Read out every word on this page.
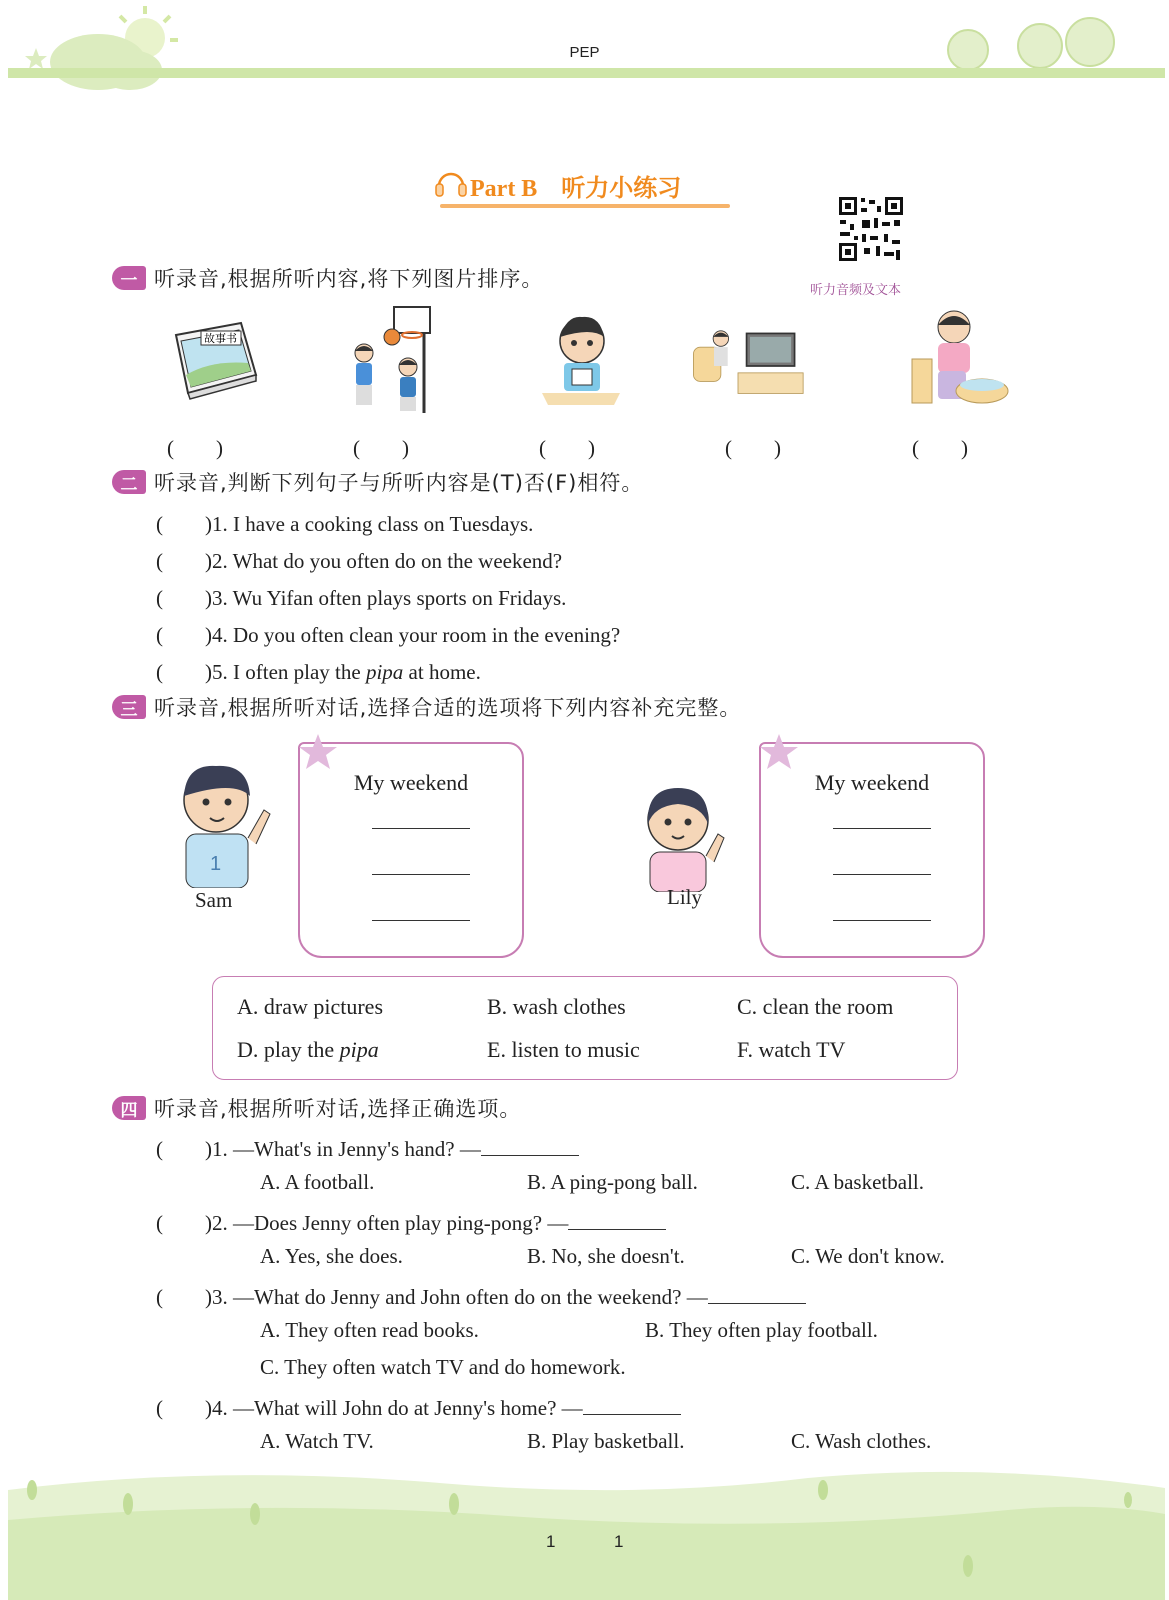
PEP
Part B　听力小练习
听力音频及文本
一 听录音,根据所听内容,将下列图片排序。
故事书
(　　)	(　　)	(　　)	(　　)	(　　)
二 听录音,判断下列句子与所听内容是(T)否(F)相符。
(　　)1. I have a cooking class on Tuesdays.
(　　)2. What do you often do on the weekend?
(　　)3. Wu Yifan often plays sports on Fridays.
(　　)4. Do you often clean your room in the evening?
(　　)5. I often play the pipa at home.
三 听录音,根据所听对话,选择合适的选项将下列内容补充完整。
1
Sam
My weekend
Lily
My weekend
A. draw pictures	B. wash clothes	C. clean the room
D. play the pipa	E. listen to music	F. watch TV
四 听录音,根据所听对话,选择正确选项。
(　　)1. —What's in Jenny's hand? —
A. A football.	B. A ping-pong ball.	C. A basketball.
(　　)2. —Does Jenny often play ping-pong? —
A. Yes, she does.	B. No, she doesn't.	C. We don't know.
(　　)3. —What do Jenny and John often do on the weekend? —
A. They often read books.	B. They often play football.
C. They often watch TV and do homework.
(　　)4. —What will John do at Jenny's home? —
A. Watch TV.	B. Play basketball.	C. Wash clothes.
1	1
